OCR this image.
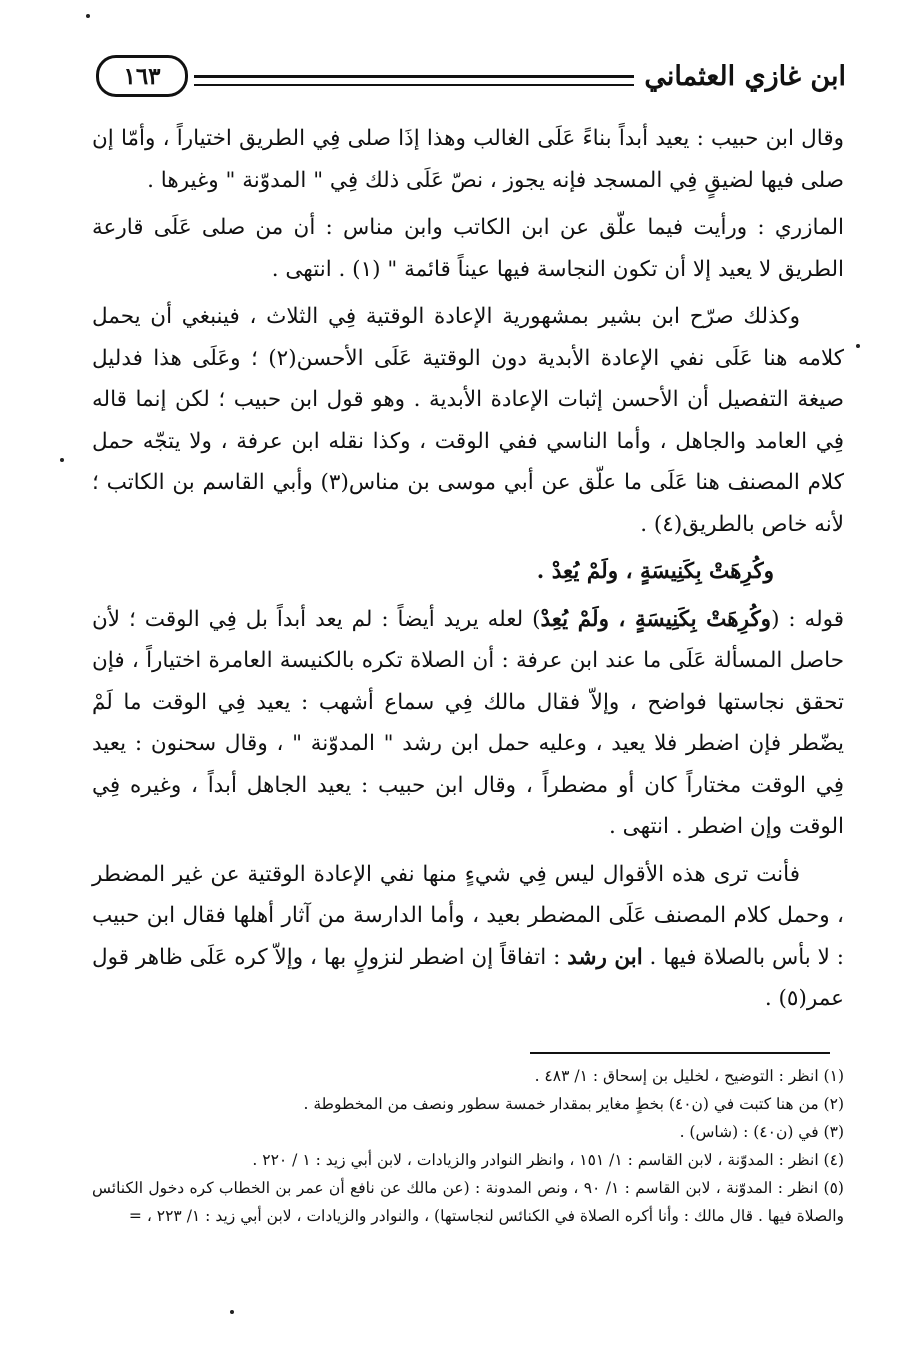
ابن غازي العثماني
١٦٣

وقال ابن حبيب : يعيد أبداً بناءً عَلَى الغالب وهذا إذَا صلى فِي الطريق اختياراً ، وأمّا إن صلى فيها لضيقٍ فِي المسجد فإنه يجوز ، نصّ عَلَى ذلك فِي " المدوّنة " وغيرها .

المازري : ورأيت فيما علّق عن ابن الكاتب وابن مناس : أن من صلى عَلَى قارعة الطريق لا يعيد إلا أن تكون النجاسة فيها عيناً قائمة " (١) . انتهى .

وكذلك صرّح ابن بشير بمشهورية الإعادة الوقتية فِي الثلاث ، فينبغي أن يحمل كلامه هنا عَلَى نفي الإعادة الأبدية دون الوقتية عَلَى الأحسن(٢) ؛ وعَلَى هذا فدليل صيغة التفصيل أن الأحسن إثبات الإعادة الأبدية . وهو قول ابن حبيب ؛ لكن إنما قاله فِي العامد والجاهل ، وأما الناسي ففي الوقت ، وكذا نقله ابن عرفة ، ولا يتجّه حمل كلام المصنف هنا عَلَى ما علّق عن أبي موسى بن مناس(٣) وأبي القاسم بن الكاتب ؛ لأنه خاص بالطريق(٤) .

وكُرِهَتْ بِكَنِيسَةٍ ، ولَمْ يُعِدْ .

قوله : (وكُرِهَتْ بِكَنِيسَةٍ ، ولَمْ يُعِدْ) لعله يريد أيضاً : لم يعد أبداً بل فِي الوقت ؛ لأن حاصل المسألة عَلَى ما عند ابن عرفة : أن الصلاة تكره بالكنيسة العامرة اختياراً ، فإن تحقق نجاستها فواضح ، وإلاّ فقال مالك فِي سماع أشهب : يعيد فِي الوقت ما لَمْ يضّطر فإن اضطر فلا يعيد ، وعليه حمل ابن رشد " المدوّنة " ، وقال سحنون : يعيد فِي الوقت مختاراً كان أو مضطراً ، وقال ابن حبيب : يعيد الجاهل أبداً ، وغيره فِي الوقت وإن اضطر . انتهى .

فأنت ترى هذه الأقوال ليس فِي شيءٍ منها نفي الإعادة الوقتية عن غير المضطر ، وحمل كلام المصنف عَلَى المضطر بعيد ، وأما الدارسة من آثار أهلها فقال ابن حبيب : لا بأس بالصلاة فيها . ابن رشد : اتفاقاً إن اضطر لنزولٍ بها ، وإلاّ كره عَلَى ظاهر قول عمر(٥) .

(١) انظر : التوضيح ، لخليل بن إسحاق : ١/ ٤٨٣ .
(٢) من هنا كتبت في (ن٤٠) بخطٍ مغاير بمقدار خمسة سطور ونصف من المخطوطة .
(٣) في (ن٤٠) : (شاس) .
(٤) انظر : المدوّنة ، لابن القاسم : ١/ ١٥١ ، وانظر النوادر والزيادات ، لابن أبي زيد : ١ / ٢٢٠ .
(٥) انظر : المدوّنة ، لابن القاسم : ١/ ٩٠ ، ونص المدونة : (عن مالك عن نافع أن عمر بن الخطاب كره دخول الكنائس والصلاة فيها . قال مالك : وأنا أكره الصلاة في الكنائس لنجاستها) ، والنوادر والزيادات ، لابن أبي زيد : ١/ ٢٢٣ ، =
